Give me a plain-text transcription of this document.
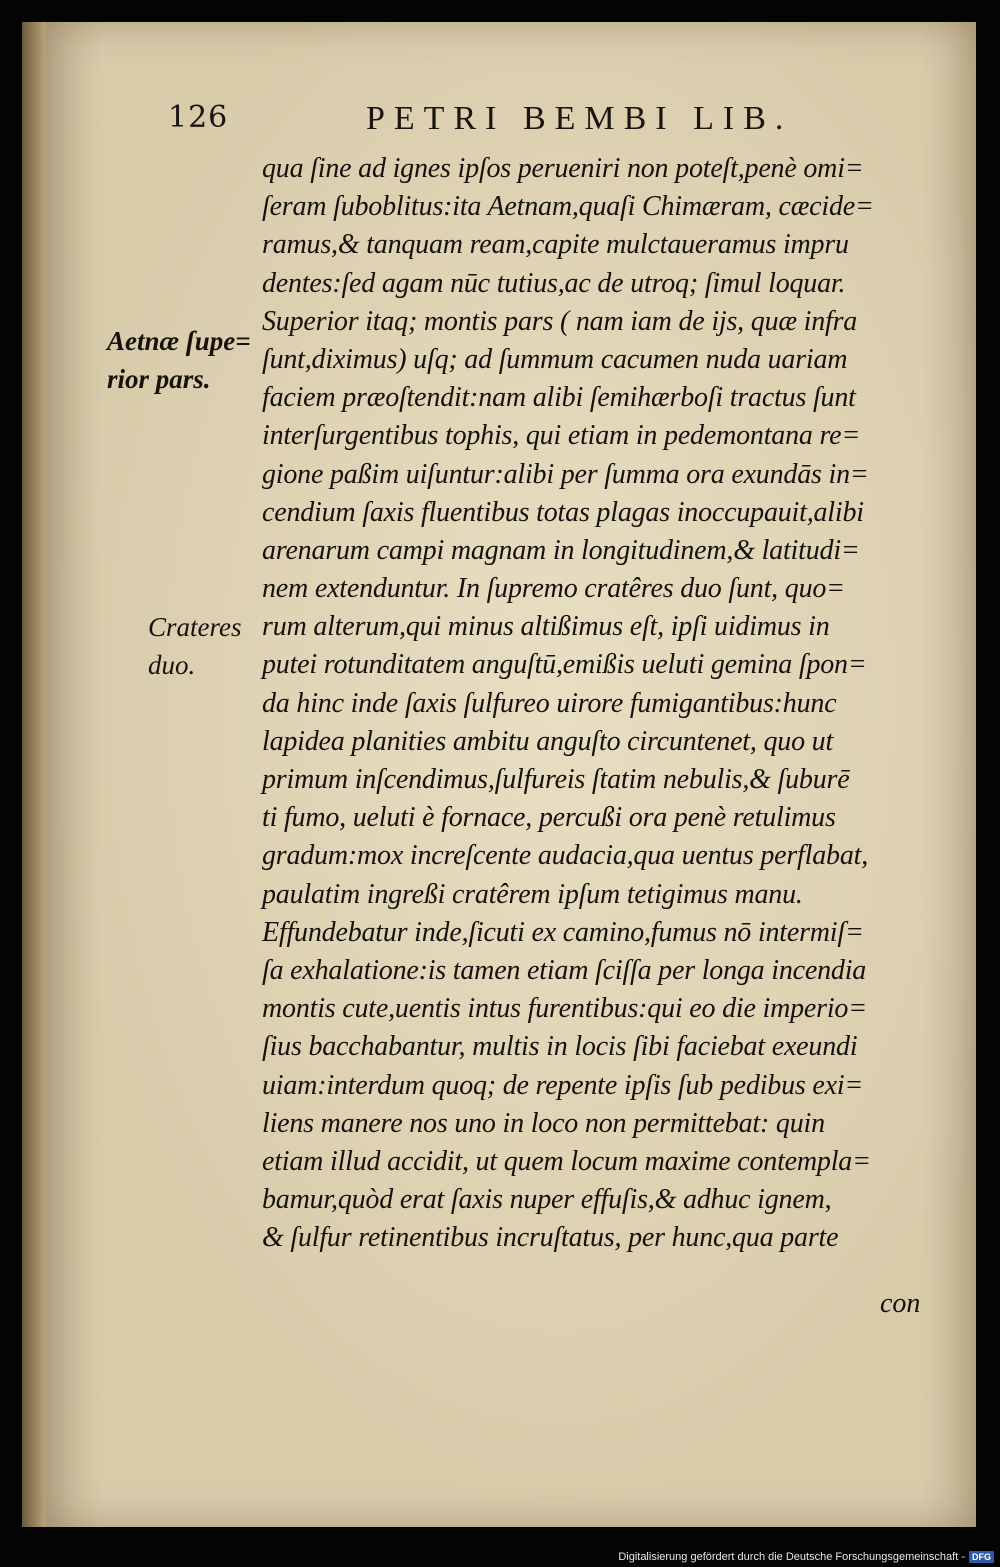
126	PETRI BEMBI LIB.
Aetnæ ſupe=
rior pars.
Crateres
duo.
qua ſine ad ignes ipſos perueniri non poteſt,penè omi=
ſeram ſuboblitus:ita Aetnam,quaſi Chimæram, cæcide=
ramus,& tanquam ream,capite mulctaueramus impru
dentes:ſed agam nūc tutius,ac de utroq; ſimul loquar.
Superior itaq; montis pars ( nam iam de ijs, quæ infra
ſunt,diximus) uſq; ad ſummum cacumen nuda uariam
faciem præoſtendit:nam alibi ſemihærboſi tractus ſunt
interſurgentibus tophis, qui etiam in pedemontana re=
gione paßim uiſuntur:alibi per ſumma ora exundās in=
cendium ſaxis fluentibus totas plagas inoccupauit,alibi
arenarum campi magnam in longitudinem,& latitudi=
nem extenduntur. In ſupremo cratêres duo ſunt, quo=
rum alterum,qui minus altißimus eſt, ipſi uidimus in
putei rotunditatem anguſtū,emißis ueluti gemina ſpon=
da hinc inde ſaxis ſulfureo uirore fumigantibus:hunc
lapidea planities ambitu anguſto circuntenet, quo ut
primum inſcendimus,ſulfureis ſtatim nebulis,& ſuburē
ti fumo, ueluti è fornace, percußi ora penè retulimus
gradum:mox increſcente audacia,qua uentus perflabat,
paulatim ingreßi cratêrem ipſum tetigimus manu.
Effundebatur inde,ſicuti ex camino,fumus nō intermiſ=
ſa exhalatione:is tamen etiam ſciſſa per longa incendia
montis cute,uentis intus furentibus:qui eo die imperio=
ſius bacchabantur, multis in locis ſibi faciebat exeundi
uiam:interdum quoq; de repente ipſis ſub pedibus exi=
liens manere nos uno in loco non permittebat: quin
etiam illud accidit, ut quem locum maxime contempla=
bamur,quòd erat ſaxis nuper effuſis,& adhuc ignem,
& ſulfur retinentibus incruſtatus, per hunc,qua parte
con
Digitalisierung gefördert durch die Deutsche Forschungsgemeinschaft - DFG
